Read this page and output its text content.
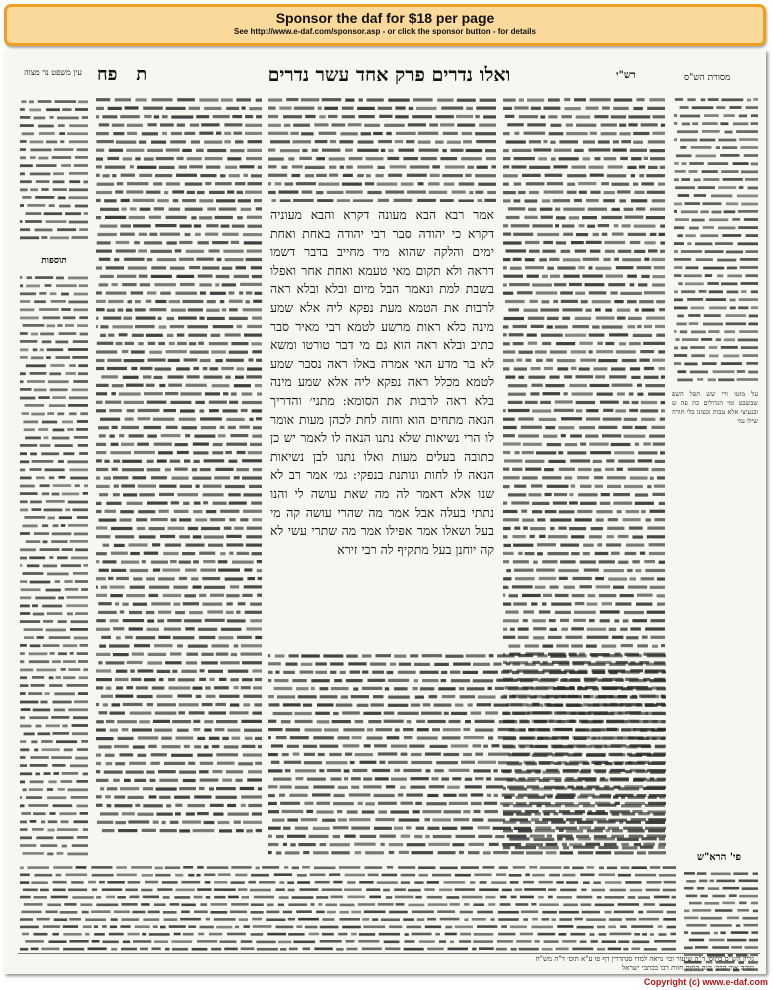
Sponsor the daf for $18 per page
See http://www.e-daf.com/sponsor.asp - or click the sponsor button - for details
ואלו נדרים פרק אחד עשר נדרים
ת   פח	רש"י	מסורת הש"ס
עין משפט נר מצוה
אמר רבא הבא מעונה דקרא והבא מעוניה דקרא כי יהודה סבר רבי יהודה באחת ואחת ימים והלקה שהוא מיד מחייב בדבר דשמו דראה ולא תקום מאי טעמא ואחת אחר ואפלו בשבת למת ונאמר הבל מיום ובלא ובלא ראה לרבות את הטמא מעת נפקא ליה אלא שמע מינה כלא ראות מרשע לטמא רבי מאיר סבר כתיב ובלא ראה הוא גם מי דבר טורטו ומשא לא בר מדע האי אמרה באלו ראה נסבר שמע לטמא מכלל ראה נפקא ליה אלא שמע מינה בלא ראה לרבות את הסומא: מתני׳ והדריך הנאה מתחים הוא וחזה לחת לכהן מעות אומר לו הרי נשיאות שלא נתנו הנאה לו לאמר יש כן כתובה בעלים מעות ואלו נתנו לבן נשיאות הנאה לו לחות ונותנת בנפקי: גמ׳ אמר רב לא שנו אלא דאמר לה מה שאת עושה לי והנו נתתי בעלה אבל אמר מה שהרי עושה קה מי בעל ושאלו אמר אפילו אמר מה שתרי עשי לא קה יוחנן בעל מתקיף לה רבי זירא
תוספות
על מוטו ורי שש תפל השפ שבשבט ומי הגדולים כת פה ש ובנעיצי אלא טבות ובפינו בלי תורה שילו נמי
פי' הרא"ש
גליון הש"ס בתוס׳ ד"ה שיעור וכו׳ נראה למדו סנהדרין דף פו ע"א תוס׳ ד"ה מש"ח
תורה אור הרב׳ הנה החזק חזות רבו בכתבי ישראל
Copyright (c) www.e-daf.com
